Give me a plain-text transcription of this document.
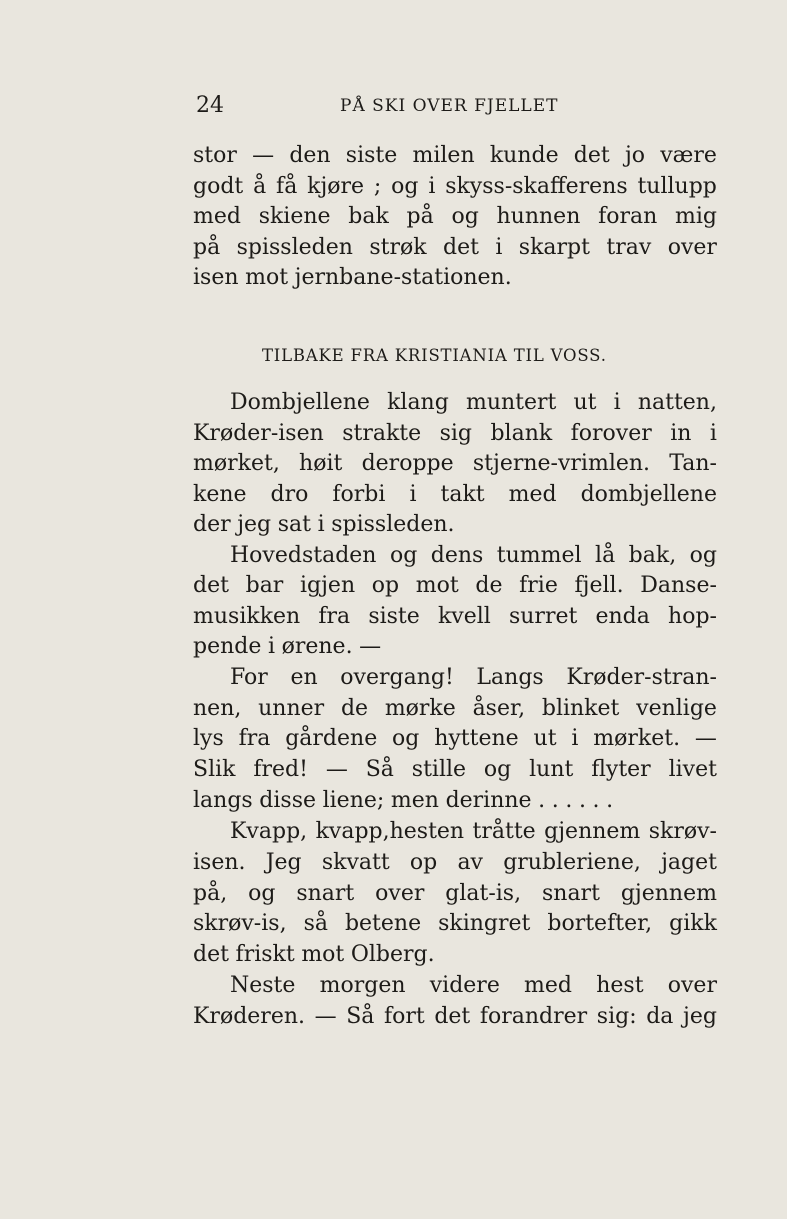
24	PÅ SKI OVER FJELLET
stor — den siste milen kunde det jo være
godt å få kjøre ; og i skyss-skafferens tullupp
med skiene bak på og hunnen foran mig
på spissleden strøk det i skarpt trav over
isen mot jernbane-stationen.
TILBAKE FRA KRISTIANIA TIL VOSS.
Dombjellene klang muntert ut i natten,
Krøder-isen strakte sig blank forover in i
mørket, høit deroppe stjerne-vrimlen. Tan-
kene dro forbi i takt med dombjellene
der jeg sat i spissleden.
Hovedstaden og dens tummel lå bak, og
det bar igjen op mot de frie fjell. Danse-
musikken fra siste kvell surret enda hop-
pende i ørene. —
For en overgang! Langs Krøder-stran-
nen, unner de mørke åser, blinket venlige
lys fra gårdene og hyttene ut i mørket. —
Slik fred! — Så stille og lunt flyter livet
langs disse liene; men derinne . . . . . .
Kvapp, kvapp,hesten tråtte gjennem skrøv-
isen. Jeg skvatt op av grubleriene, jaget
på, og snart over glat-is, snart gjennem
skrøv-is, så betene skingret bortefter, gikk
det friskt mot Olberg.
Neste morgen videre med hest over
Krøderen. — Så fort det forandrer sig: da jeg
